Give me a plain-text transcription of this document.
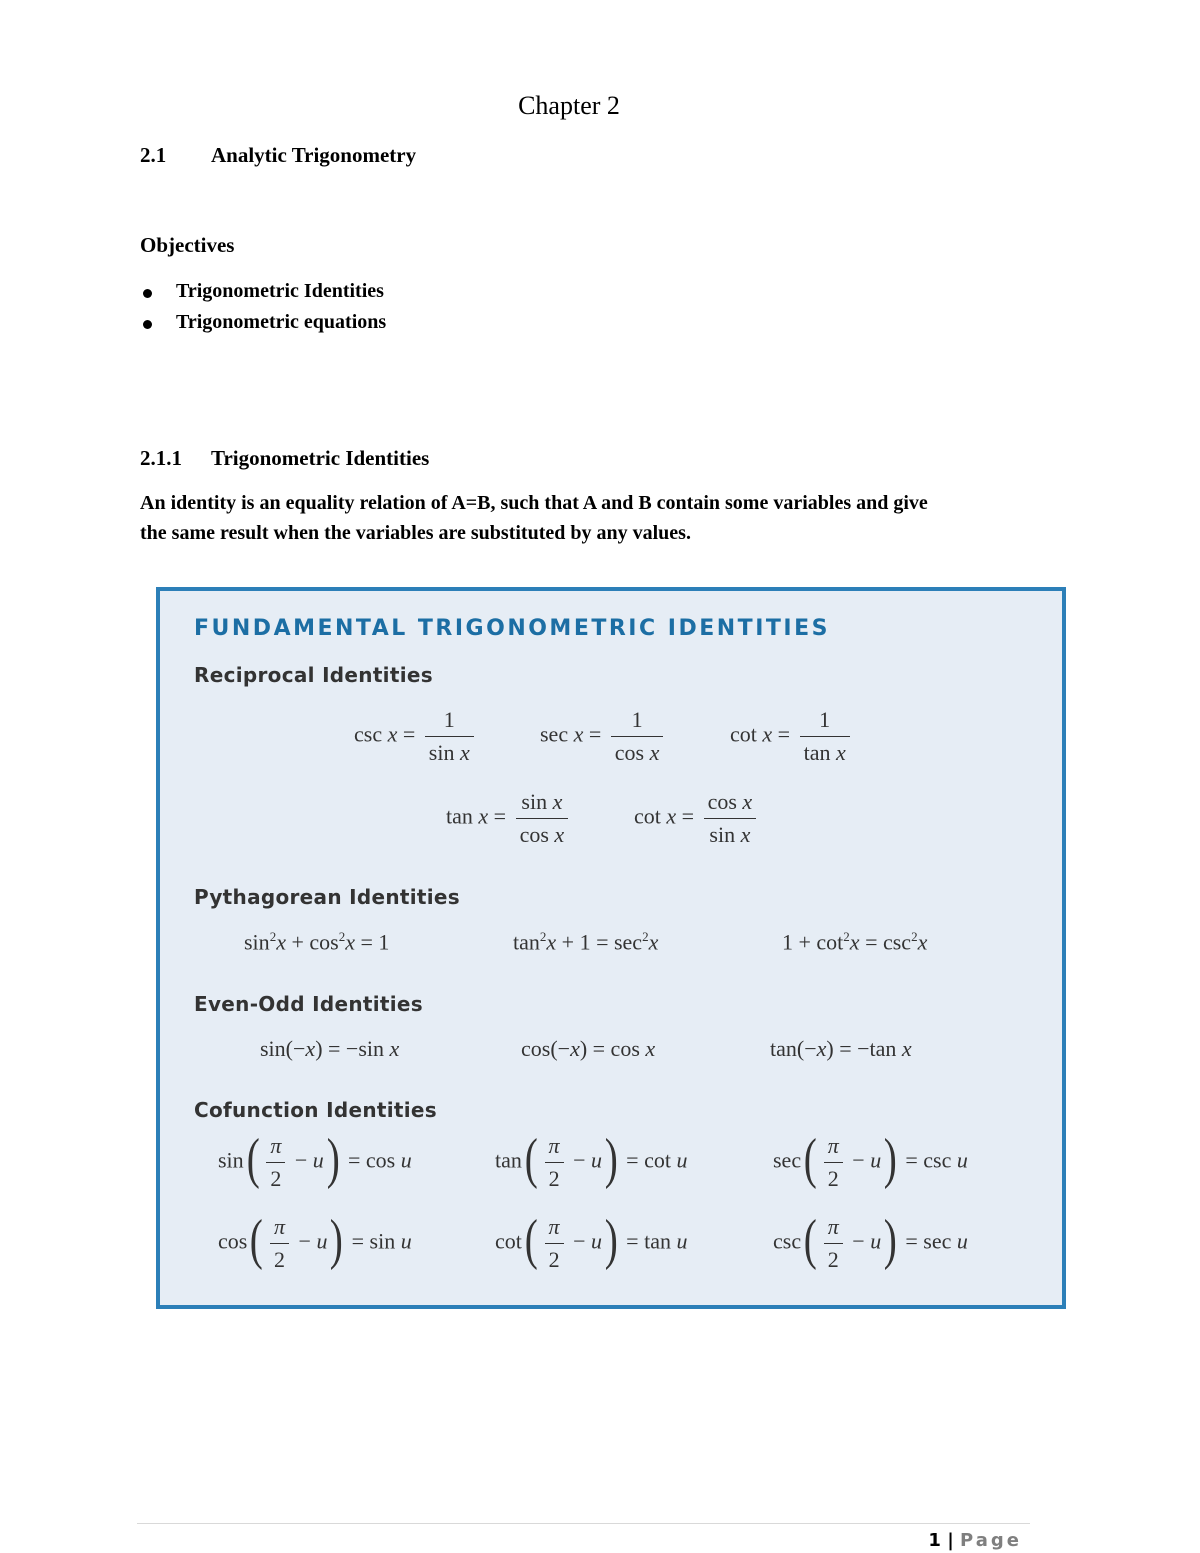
Chapter 2
2.1 Analytic Trigonometry
Objectives
Trigonometric Identities
Trigonometric equations
2.1.1 Trigonometric Identities
An identity is an equality relation of A=B, such that A and B contain some variables and give
the same result when the variables are substituted by any values.
FUNDAMENTAL TRIGONOMETRIC IDENTITIES
Reciprocal Identities
$\csc x = \frac{1}{\text{sin x}}$	$\sec x = \frac{1}{\text{cos x}}$	$\cot x = \frac{1}{\text{tan x}}$
$\tan x = \frac{\text{sin x}}{\text{cos x}}$	$\cot x = \frac{\text{cos x}}{\text{sin x}}$
Pythagorean Identities
$\sin^2x + \cos^2x = 1$	$\tan^2x + 1 = \sec^2x$	$1 + \cot^2x = \csc^2x$
Even-Odd Identities
sin(−x) = −sin x	cos(−x) = cos x	tan(−x) = −tan x
Cofunction Identities
$\sin( \frac{\pi}{2} - u) = \cos u$	$\tan( \frac{\pi}{2} - u) = \cot u$	$\sec( \frac{\pi}{2} - u) = \csc u$
$\cos( \frac{\pi}{2} - u) = \sin u$	$\cot( \frac{\pi}{2} - u) = \tan u$	$\csc( \frac{\pi}{2} - u) = \sec u$
1 | Page
